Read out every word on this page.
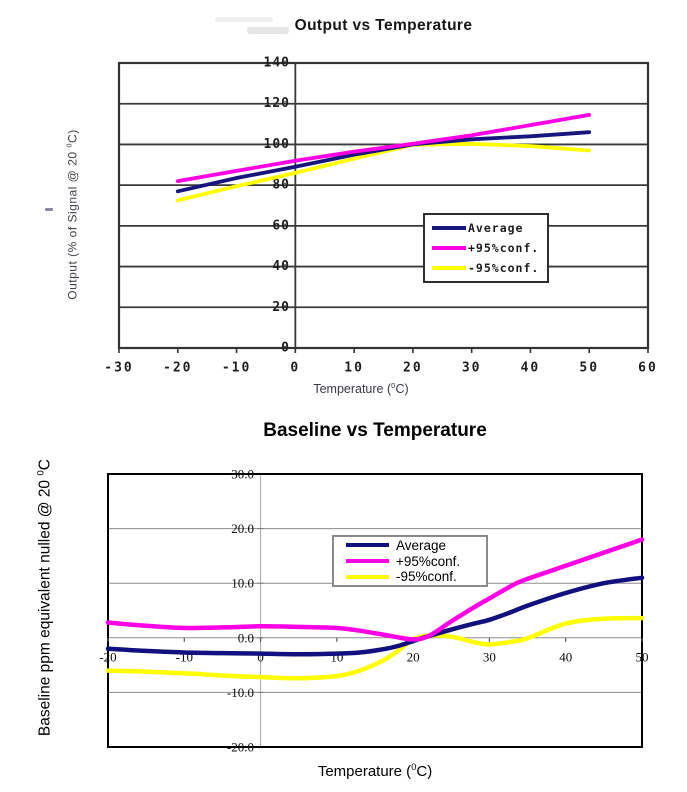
0
20
40
60
80
100
120
140
-30 -20 -10	0	10	20	30	40	50	60
30.0
20.0
10.0
0.0
-10.0
-20.0
-20	-10	0	10	20	30	40	50
Output vs Temperature
Output (% of Signal @ 20 $^0$C)
Temperature ($^0$C)
Average
+95%conf.
-95%conf.
Baseline vs Temperature
Baseline ppm equivalent nulled @ 20 $^0$C
Temperature ($^0$C)
Average
+95%conf.
-95%conf.
